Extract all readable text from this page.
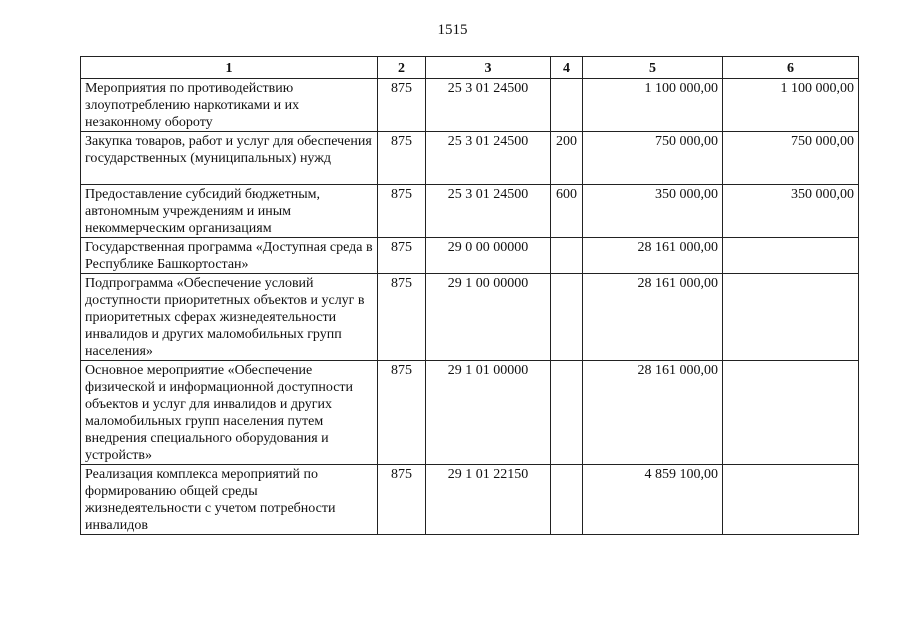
1515
1	2	3	4	5	6
Мероприятия по противодействию злоупотреблению наркотиками и их незаконному обороту	875	25 3 01 24500		1 100 000,00	1 100 000,00
Закупка товаров, работ и услуг для обеспечения государственных (муниципальных) нужд	875	25 3 01 24500	200	750 000,00	750 000,00
Предоставление субсидий бюджетным, автономным учреждениям и иным некоммерческим организациям	875	25 3 01 24500	600	350 000,00	350 000,00
Государственная программа «Доступная среда в Республике Башкортостан»	875	29 0 00 00000		28 161 000,00	
Подпрограмма «Обеспечение условий доступности приоритетных объектов и услуг в приоритетных сферах жизнедеятельности инвалидов и других маломобильных групп населения»	875	29 1 00 00000		28 161 000,00	
Основное мероприятие «Обеспечение физической и информационной доступности объектов и услуг для инвалидов и других маломобильных групп населения путем внедрения специального оборудования и устройств»	875	29 1 01 00000		28 161 000,00	
Реализация комплекса мероприятий по формированию общей среды жизнедеятельности с учетом потребности инвалидов	875	29 1 01 22150		4 859 100,00	
